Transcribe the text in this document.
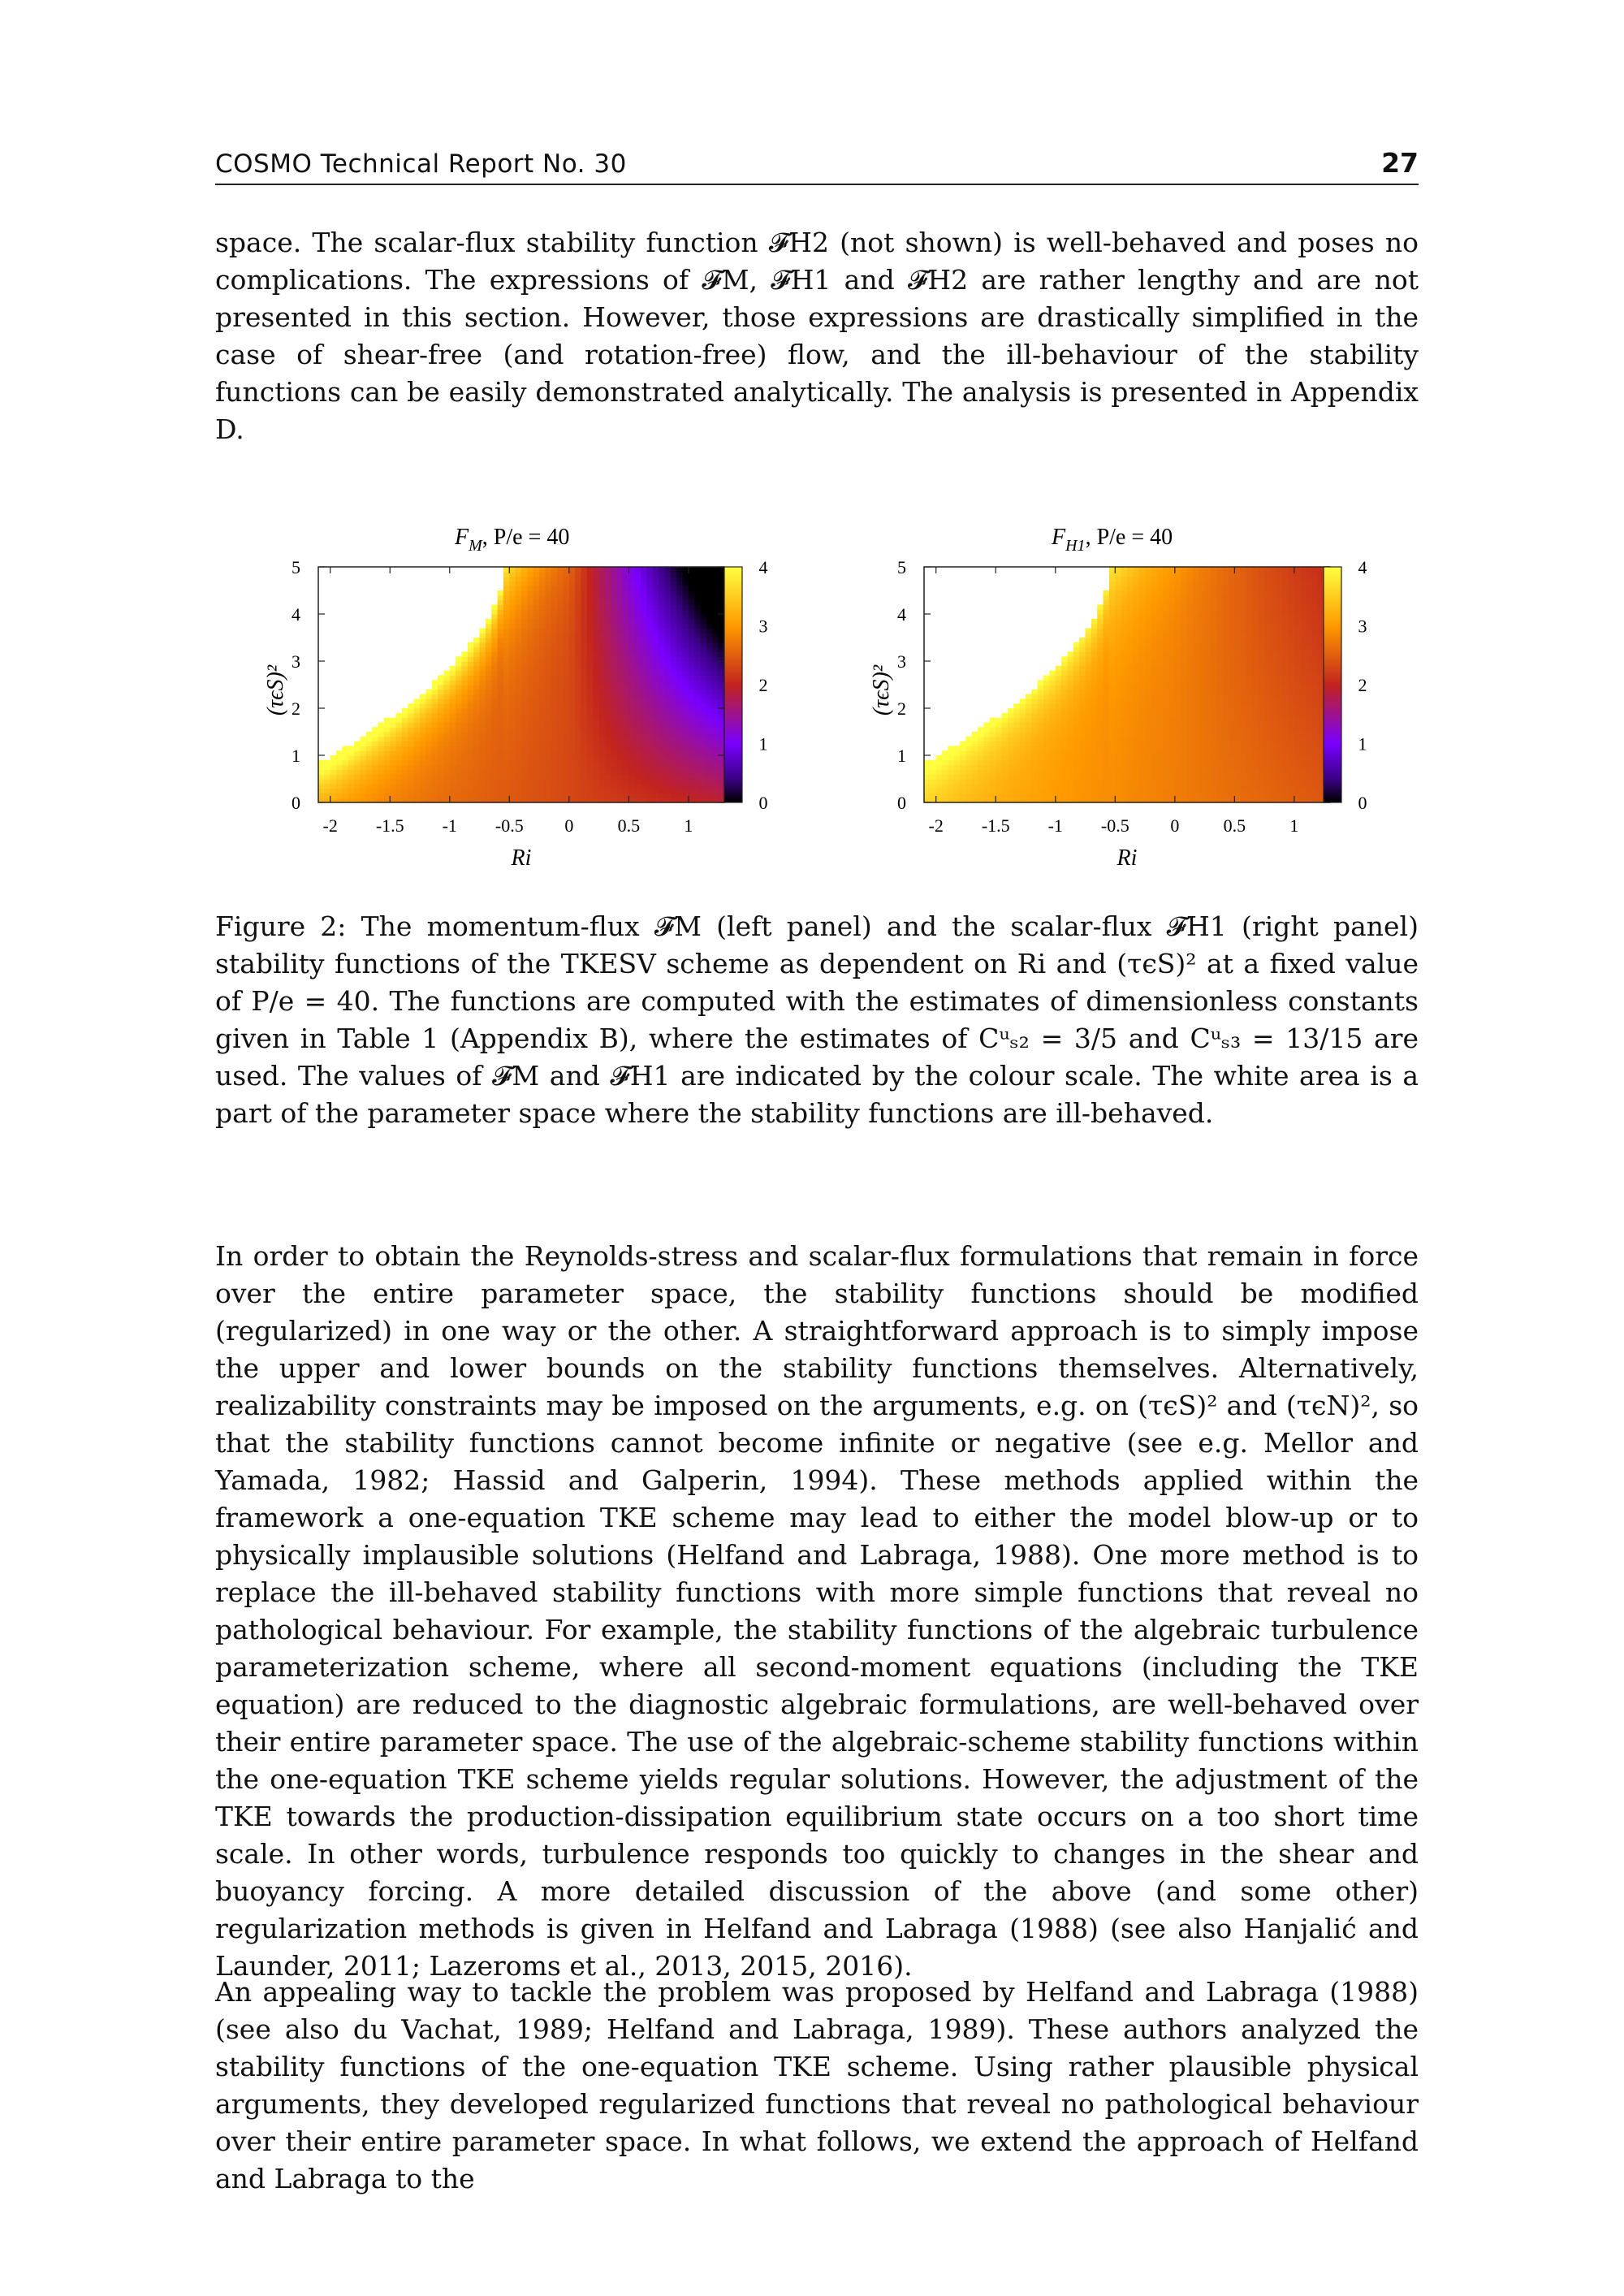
COSMO Technical Report No. 30	27

space. The scalar-flux stability function 𝓕H2 (not shown) is well-behaved and poses no complications. The expressions of 𝓕M, 𝓕H1 and 𝓕H2 are rather lengthy and are not presented in this section. However, those expressions are drastically simplified in the case of shear-free (and rotation-free) flow, and the ill-behaviour of the stability functions can be easily demonstrated analytically. The analysis is presented in Appendix D.

$F_M$, P/e = 40
(τϵS)²
Ri
-2 -1.5 -1 -0.5 0 0.5 1
0
1
2
3
4
5
0
1
2
3
4
$F_{H1}$, P/e = 40
(τϵS)²
Ri
-2 -1.5 -1 -0.5 0 0.5 1
0
1
2
3
4
5
0
1
2
3
4

Figure 2: The momentum-flux 𝓕M (left panel) and the scalar-flux 𝓕H1 (right panel) stability functions of the TKESV scheme as dependent on Ri and (τϵS)² at a fixed value of P/e = 40. The functions are computed with the estimates of dimensionless constants given in Table 1 (Appendix B), where the estimates of Cᵘₛ₂ = 3/5 and Cᵘₛ₃ = 13/15 are used. The values of 𝓕M and 𝓕H1 are indicated by the colour scale. The white area is a part of the parameter space where the stability functions are ill-behaved.

In order to obtain the Reynolds-stress and scalar-flux formulations that remain in force over the entire parameter space, the stability functions should be modified (regularized) in one way or the other. A straightforward approach is to simply impose the upper and lower bounds on the stability functions themselves. Alternatively, realizability constraints may be imposed on the arguments, e.g. on (τϵS)² and (τϵN)², so that the stability functions cannot become infinite or negative (see e.g. Mellor and Yamada, 1982; Hassid and Galperin, 1994). These methods applied within the framework a one-equation TKE scheme may lead to either the model blow-up or to physically implausible solutions (Helfand and Labraga, 1988). One more method is to replace the ill-behaved stability functions with more simple functions that reveal no pathological behaviour. For example, the stability functions of the algebraic turbulence parameterization scheme, where all second-moment equations (including the TKE equation) are reduced to the diagnostic algebraic formulations, are well-behaved over their entire parameter space. The use of the algebraic-scheme stability functions within the one-equation TKE scheme yields regular solutions. However, the adjustment of the TKE towards the production-dissipation equilibrium state occurs on a too short time scale. In other words, turbulence responds too quickly to changes in the shear and buoyancy forcing. A more detailed discussion of the above (and some other) regularization methods is given in Helfand and Labraga (1988) (see also Hanjalić and Launder, 2011; Lazeroms et al., 2013, 2015, 2016).

An appealing way to tackle the problem was proposed by Helfand and Labraga (1988) (see also du Vachat, 1989; Helfand and Labraga, 1989). These authors analyzed the stability functions of the one-equation TKE scheme. Using rather plausible physical arguments, they developed regularized functions that reveal no pathological behaviour over their entire parameter space. In what follows, we extend the approach of Helfand and Labraga to the
